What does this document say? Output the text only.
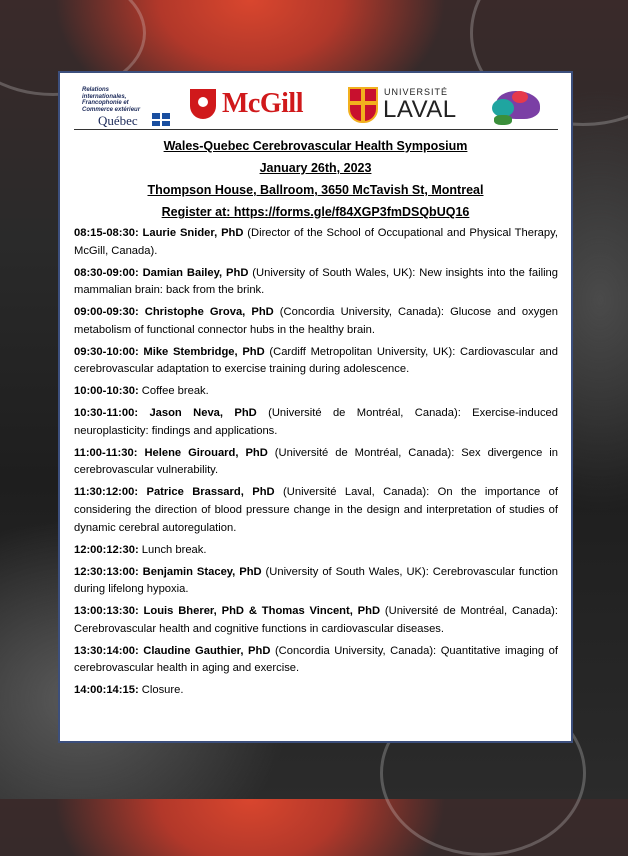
Relations internationales, Francophonie et Commerce extérieur
Québec
McGill	UNIVERSITÉ
LAVAL
Wales-Quebec Cerebrovascular Health Symposium
January 26th, 2023
Thompson House, Ballroom, 3650 McTavish St, Montreal
Register at: https://forms.gle/f84XGP3fmDSQbUQ16
08:15-08:30: Laurie Snider, PhD (Director of the School of Occupational and Physical Therapy, McGill, Canada).
08:30-09:00: Damian Bailey, PhD (University of South Wales, UK): New insights into the failing mammalian brain: back from the brink.
09:00-09:30: Christophe Grova, PhD (Concordia University, Canada): Glucose and oxygen metabolism of functional connector hubs in the healthy brain.
09:30-10:00: Mike Stembridge, PhD (Cardiff Metropolitan University, UK): Cardiovascular and cerebrovascular adaptation to exercise training during adolescence.
10:00-10:30: Coffee break.
10:30-11:00: Jason Neva, PhD (Université de Montréal, Canada): Exercise-induced neuroplasticity: findings and applications.
11:00-11:30: Helene Girouard, PhD (Université de Montréal, Canada): Sex divergence in cerebrovascular vulnerability.
11:30:12:00: Patrice Brassard, PhD (Université Laval, Canada): On the importance of considering the direction of blood pressure change in the design and interpretation of studies of dynamic cerebral autoregulation.
12:00:12:30: Lunch break.
12:30:13:00: Benjamin Stacey, PhD (University of South Wales, UK): Cerebrovascular function during lifelong hypoxia.
13:00:13:30: Louis Bherer, PhD & Thomas Vincent, PhD (Université de Montréal, Canada): Cerebrovascular health and cognitive functions in cardiovascular diseases.
13:30:14:00: Claudine Gauthier, PhD (Concordia University, Canada): Quantitative imaging of cerebrovascular health in aging and exercise.
14:00:14:15: Closure.
